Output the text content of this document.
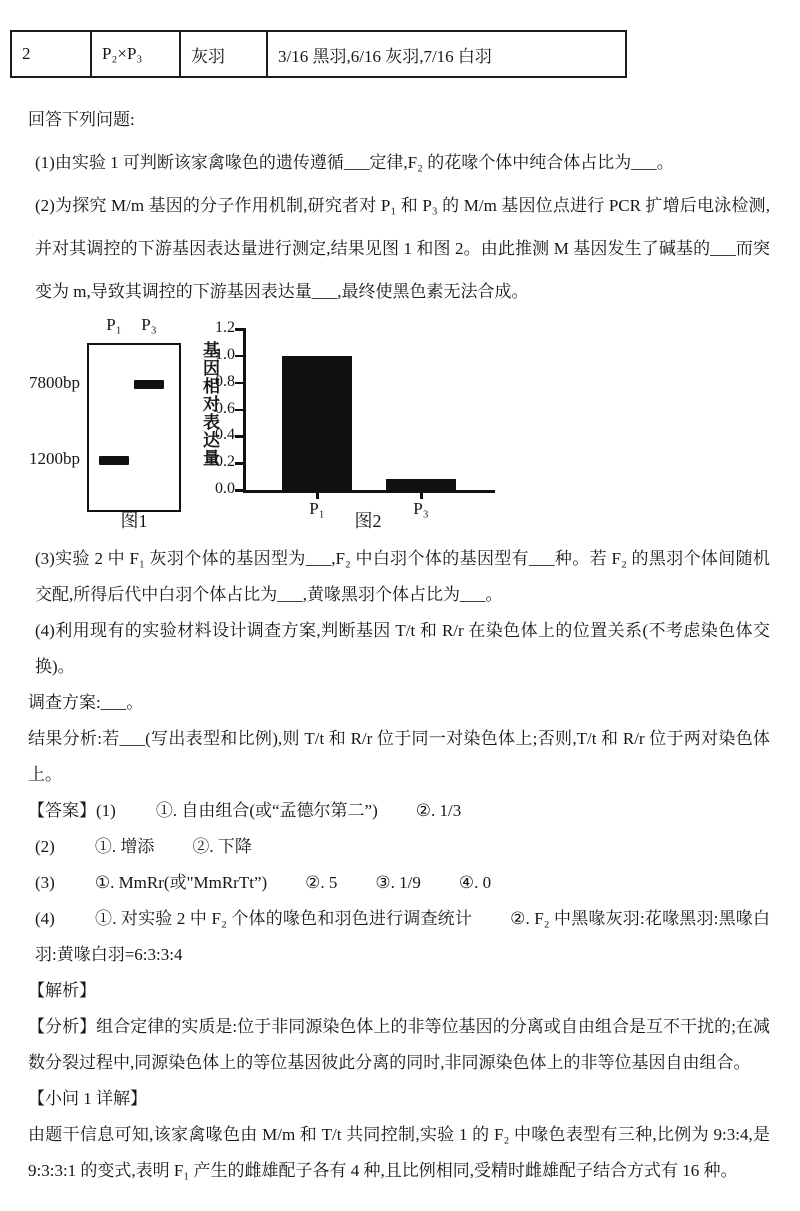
2	P₂×P₃	灰羽	3/16 黑羽,6/16 灰羽,7/16 白羽

回答下列问题:

(1)由实验 1 可判断该家禽喙色的遗传遵循___定律,F₂ 的花喙个体中纯合体占比为___。

(2)为探究 M/m 基因的分子作用机制,研究者对 P₁ 和 P₃ 的 M/m 基因位点进行 PCR 扩增后电泳检测,并对其调控的下游基因表达量进行测定,结果见图 1 和图 2。由此推测 M 基因发生了碱基的___而突变为 m,导致其调控的下游基因表达量___,最终使黑色素无法合成。

7800bp
1200bp
图1
基因相对表达量
图2
P₁	P₃
0.0
0.2
0.4
0.6
0.8
1.0
1.2
P₁	P₃

(3)实验 2 中 F₁ 灰羽个体的基因型为___,F₂ 中白羽个体的基因型有___种。若 F₂ 的黑羽个体间随机交配,所得后代中白羽个体占比为___,黄喙黑羽个体占比为___。

(4)利用现有的实验材料设计调查方案,判断基因 T/t 和 R/r 在染色体上的位置关系(不考虑染色体交换)。

调查方案:___。

结果分析:若___(写出表型和比例),则 T/t 和 R/r 位于同一对染色体上;否则,T/t 和 R/r 位于两对染色体上。

【答案】(1) ①. 自由组合(或“孟德尔第二”) ②. 1/3

(2) ①. 增添 ②. 下降

(3) ①. MmRr(或"MmRrTt”) ②. 5 ③. 1/9 ④. 0

(4) ①. 对实验 2 中 F₂ 个体的喙色和羽色进行调查统计 ②. F₂ 中黑喙灰羽:花喙黑羽:黑喙白羽:黄喙白羽=6:3:3:4

【解析】

【分析】组合定律的实质是:位于非同源染色体上的非等位基因的分离或自由组合是互不干扰的;在减数分裂过程中,同源染色体上的等位基因彼此分离的同时,非同源染色体上的非等位基因自由组合。

【小问 1 详解】

由题干信息可知,该家禽喙色由 M/m 和 T/t 共同控制,实验 1 的 F₂ 中喙色表型有三种,比例为 9:3:4,是 9:3:3:1 的变式,表明 F₁ 产生的雌雄配子各有 4 种,且比例相同,受精时雌雄配子结合方式有 16 种。
